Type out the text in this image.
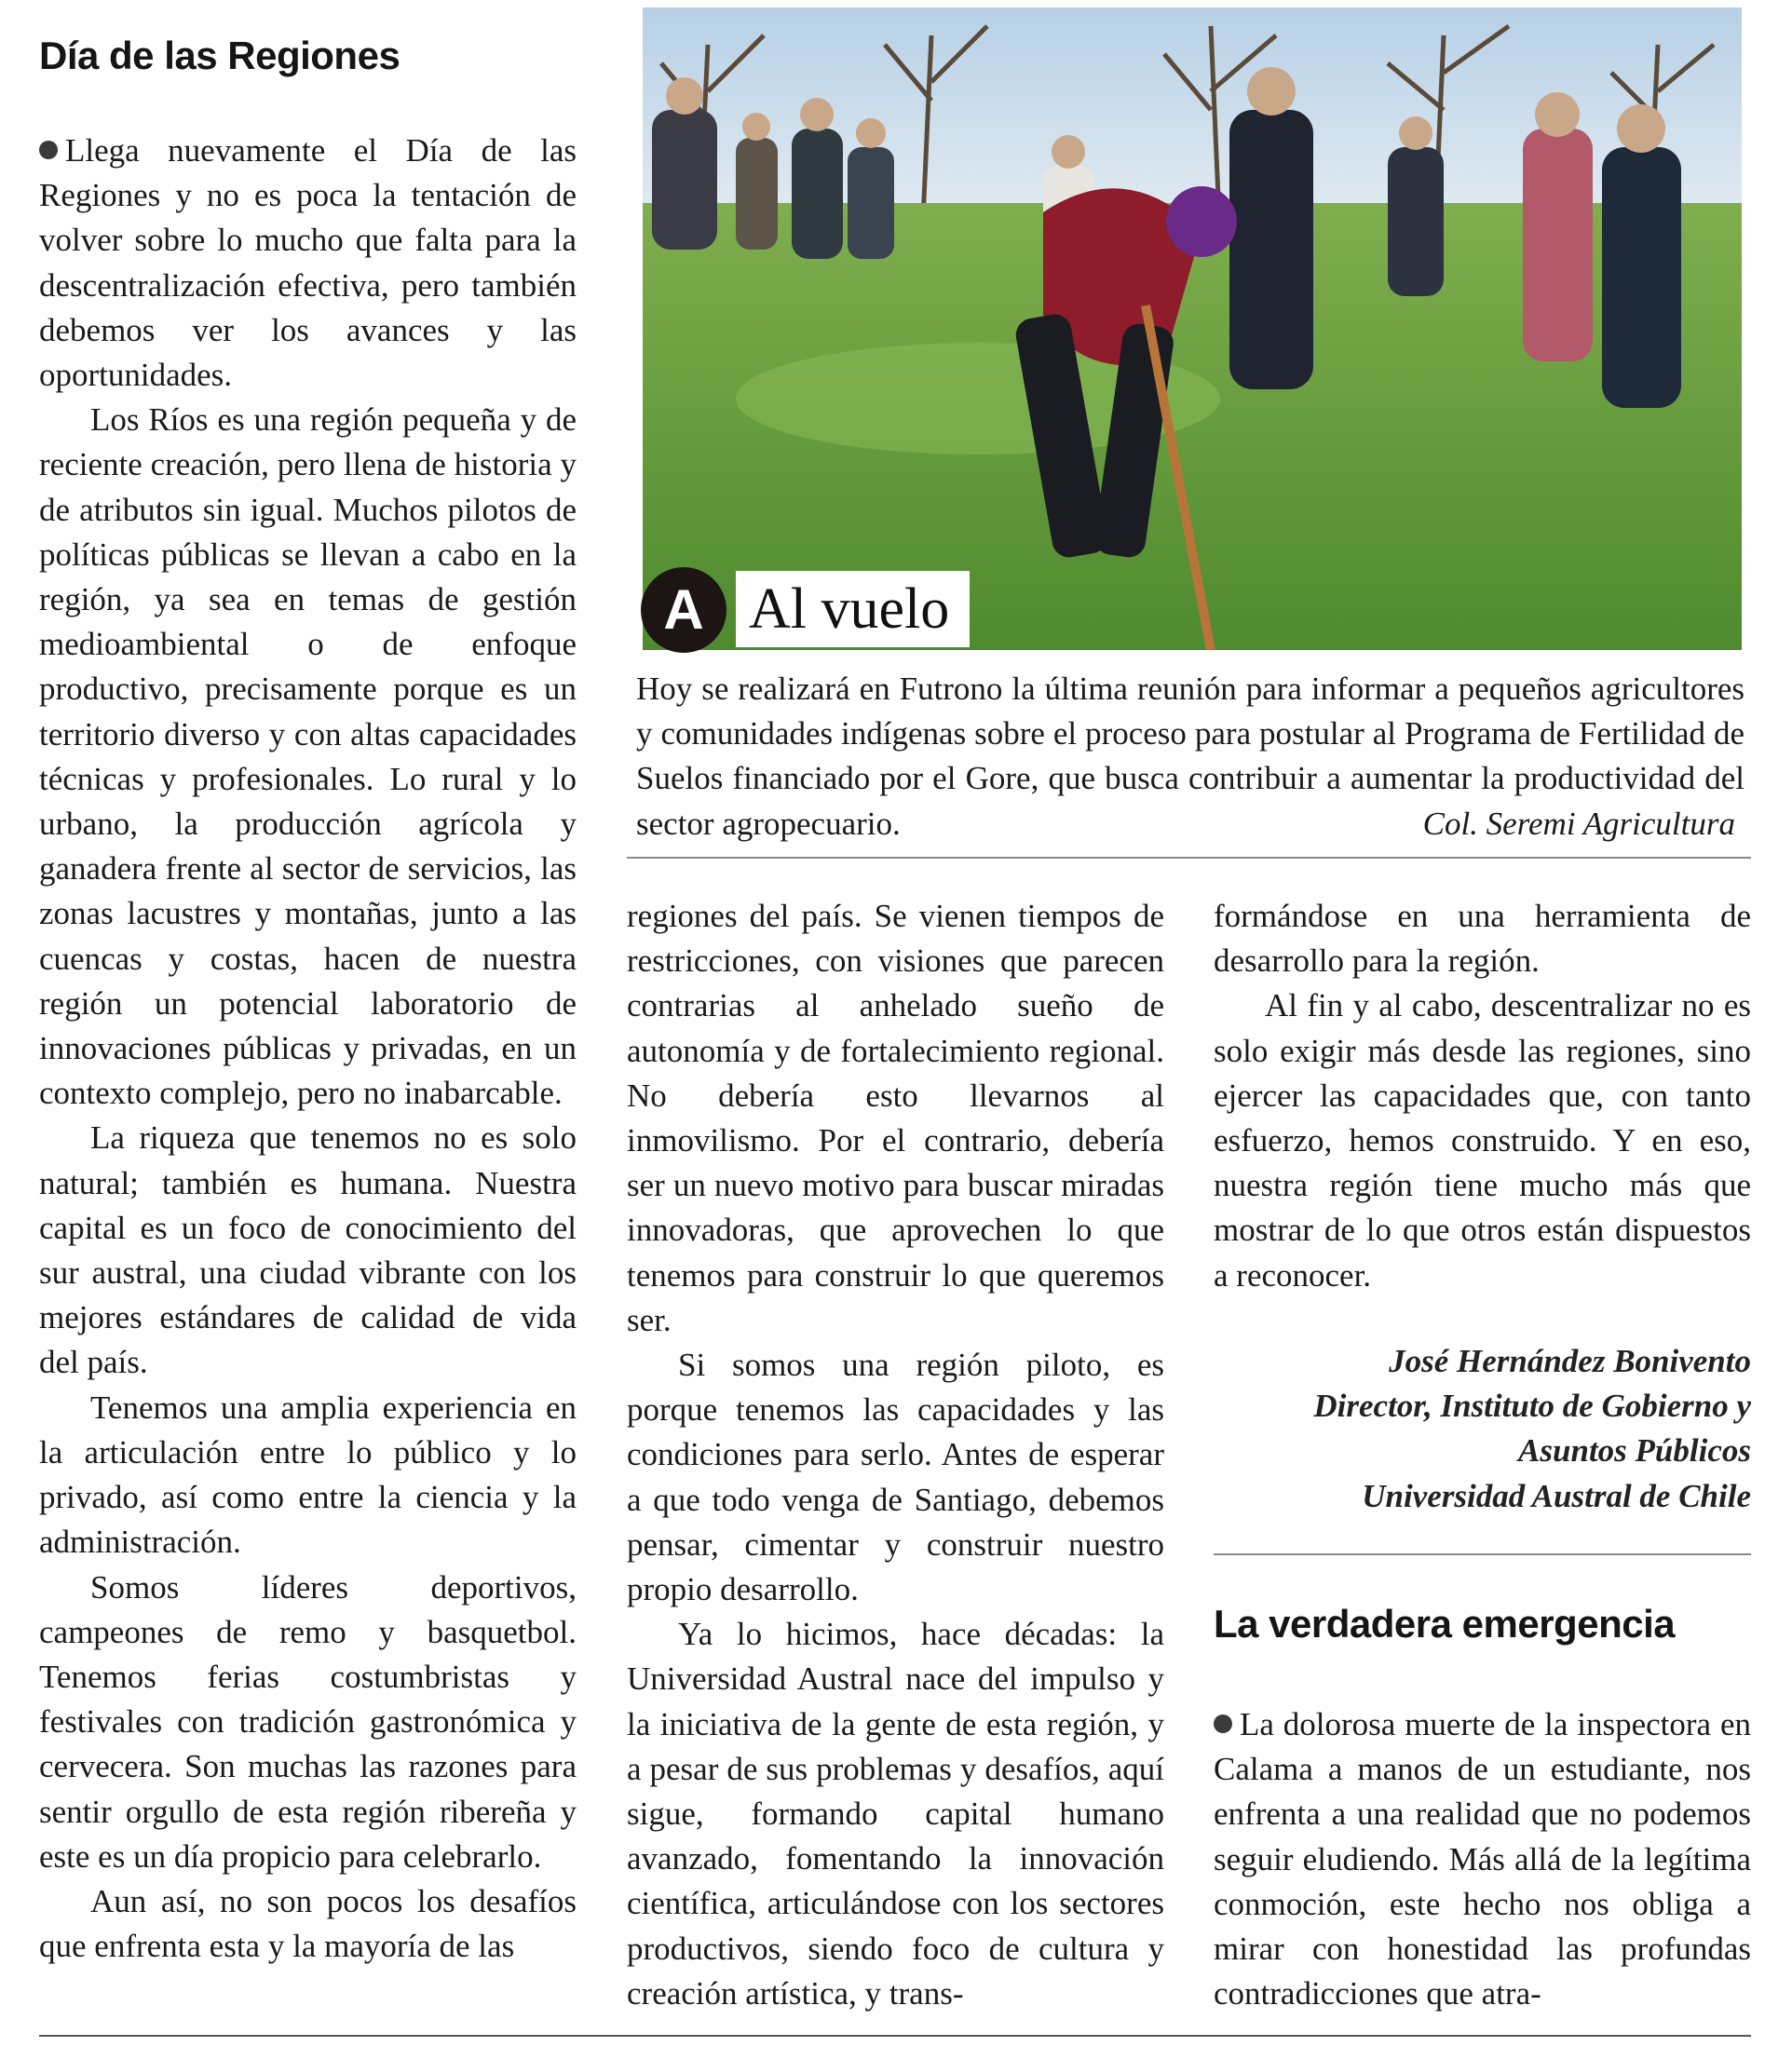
Día de las Regiones

Llega nuevamente el Día de las Regiones y no es poca la tentación de volver sobre lo mucho que falta para la descentralización efectiva, pero también debemos ver los avances y las oportunidades.

Los Ríos es una región pequeña y de reciente creación, pero llena de historia y de atributos sin igual. Muchos pilotos de políticas públicas se llevan a cabo en la región, ya sea en temas de gestión medioambiental o de enfoque productivo, precisamente porque es un territorio diverso y con altas capacidades técnicas y profesionales. Lo rural y lo urbano, la producción agrícola y ganadera frente al sector de servicios, las zonas lacustres y montañas, junto a las cuencas y costas, hacen de nuestra región un potencial laboratorio de innovaciones públicas y privadas, en un contexto complejo, pero no inabarcable.

La riqueza que tenemos no es solo natural; también es humana. Nuestra capital es un foco de conocimiento del sur austral, una ciudad vibrante con los mejores estándares de calidad de vida del país.

Tenemos una amplia experiencia en la articulación entre lo público y lo privado, así como entre la ciencia y la administración.

Somos líderes deportivos, campeones de remo y basquetbol. Tenemos ferias costumbristas y festivales con tradición gastronómica y cervecera. Son muchas las razones para sentir orgullo de esta región ribereña y este es un día propicio para celebrarlo.

Aun así, no son pocos los desafíos que enfrenta esta y la mayoría de las

A Al vuelo
Hoy se realizará en Futrono la última reunión para informar a pequeños agricultores y comunidades indígenas sobre el proceso para postular al Programa de Fertilidad de Suelos financiado por el Gore, que busca contribuir a aumentar la productividad del sector agropecuario.	Col. Seremi Agricultura

regiones del país. Se vienen tiempos de restricciones, con visiones que parecen contrarias al anhelado sueño de autonomía y de fortalecimiento regional. No debería esto llevarnos al inmovilismo. Por el contrario, debería ser un nuevo motivo para buscar miradas innovadoras, que aprovechen lo que tenemos para construir lo que queremos ser.

Si somos una región piloto, es porque tenemos las capacidades y las condiciones para serlo. Antes de esperar a que todo venga de Santiago, debemos pensar, cimentar y construir nuestro propio desarrollo.

Ya lo hicimos, hace décadas: la Universidad Austral nace del impulso y la iniciativa de la gente de esta región, y a pesar de sus problemas y desafíos, aquí sigue, formando capital humano avanzado, fomentando la innovación científica, articulándose con los sectores productivos, siendo foco de cultura y creación artística, y trans-

formándose en una herramienta de desarrollo para la región.

Al fin y al cabo, descentralizar no es solo exigir más desde las regiones, sino ejercer las capacidades que, con tanto esfuerzo, hemos construido. Y en eso, nuestra región tiene mucho más que mostrar de lo que otros están dispuestos a reconocer.

José Hernández Bonivento
Director, Instituto de Gobierno y
Asuntos Públicos
Universidad Austral de Chile
La verdadera emergencia

La dolorosa muerte de la inspectora en Calama a manos de un estudiante, nos enfrenta a una realidad que no podemos seguir eludiendo. Más allá de la legítima conmoción, este hecho nos obliga a mirar con honestidad las profundas contradicciones que atra-
